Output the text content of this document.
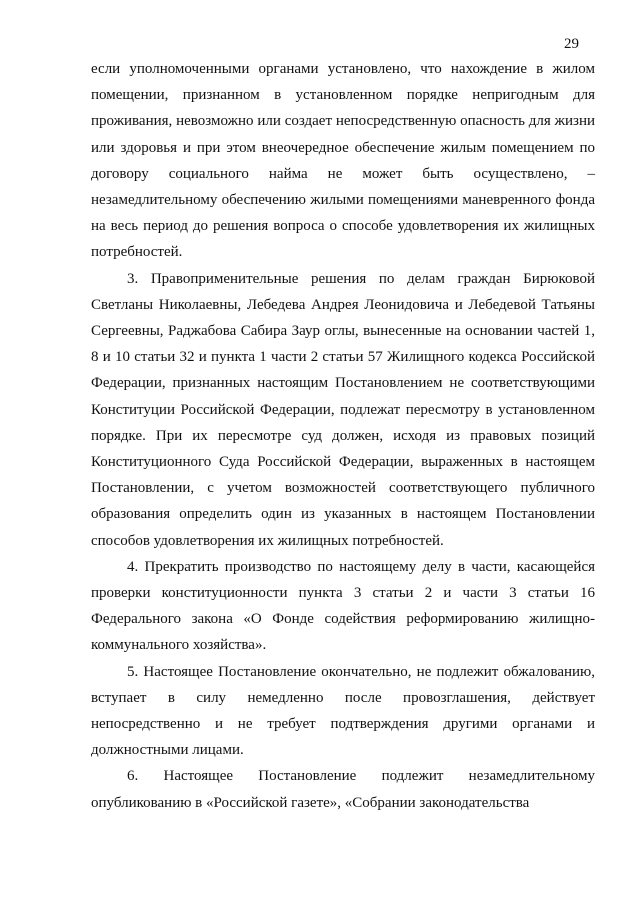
29

если уполномоченными органами установлено, что нахождение в жилом помещении, признанном в установленном порядке непригодным для проживания, невозможно или создает непосредственную опасность для жизни или здоровья и при этом внеочередное обеспечение жилым помещением по договору социального найма не может быть осуществлено, – незамедлительному обеспечению жилыми помещениями маневренного фонда на весь период до решения вопроса о способе удовлетворения их жилищных потребностей.

3. Правоприменительные решения по делам граждан Бирюковой Светланы Николаевны, Лебедева Андрея Леонидовича и Лебедевой Татьяны Сергеевны, Раджабова Сабира Заур оглы, вынесенные на основании частей 1, 8 и 10 статьи 32 и пункта 1 части 2 статьи 57 Жилищного кодекса Российской Федерации, признанных настоящим Постановлением не соответствующими Конституции Российской Федерации, подлежат пересмотру в установленном порядке. При их пересмотре суд должен, исходя из правовых позиций Конституционного Суда Российской Федерации, выраженных в настоящем Постановлении, с учетом возможностей соответствующего публичного образования определить один из указанных в настоящем Постановлении способов удовлетворения их жилищных потребностей.

4. Прекратить производство по настоящему делу в части, касающейся проверки конституционности пункта 3 статьи 2 и части 3 статьи 16 Федерального закона «О Фонде содействия реформированию жилищно-коммунального хозяйства».

5. Настоящее Постановление окончательно, не подлежит обжалованию, вступает в силу немедленно после провозглашения, действует непосредственно и не требует подтверждения другими органами и должностными лицами.

6. Настоящее Постановление подлежит незамедлительному опубликованию в «Российской газете», «Собрании законодательства
